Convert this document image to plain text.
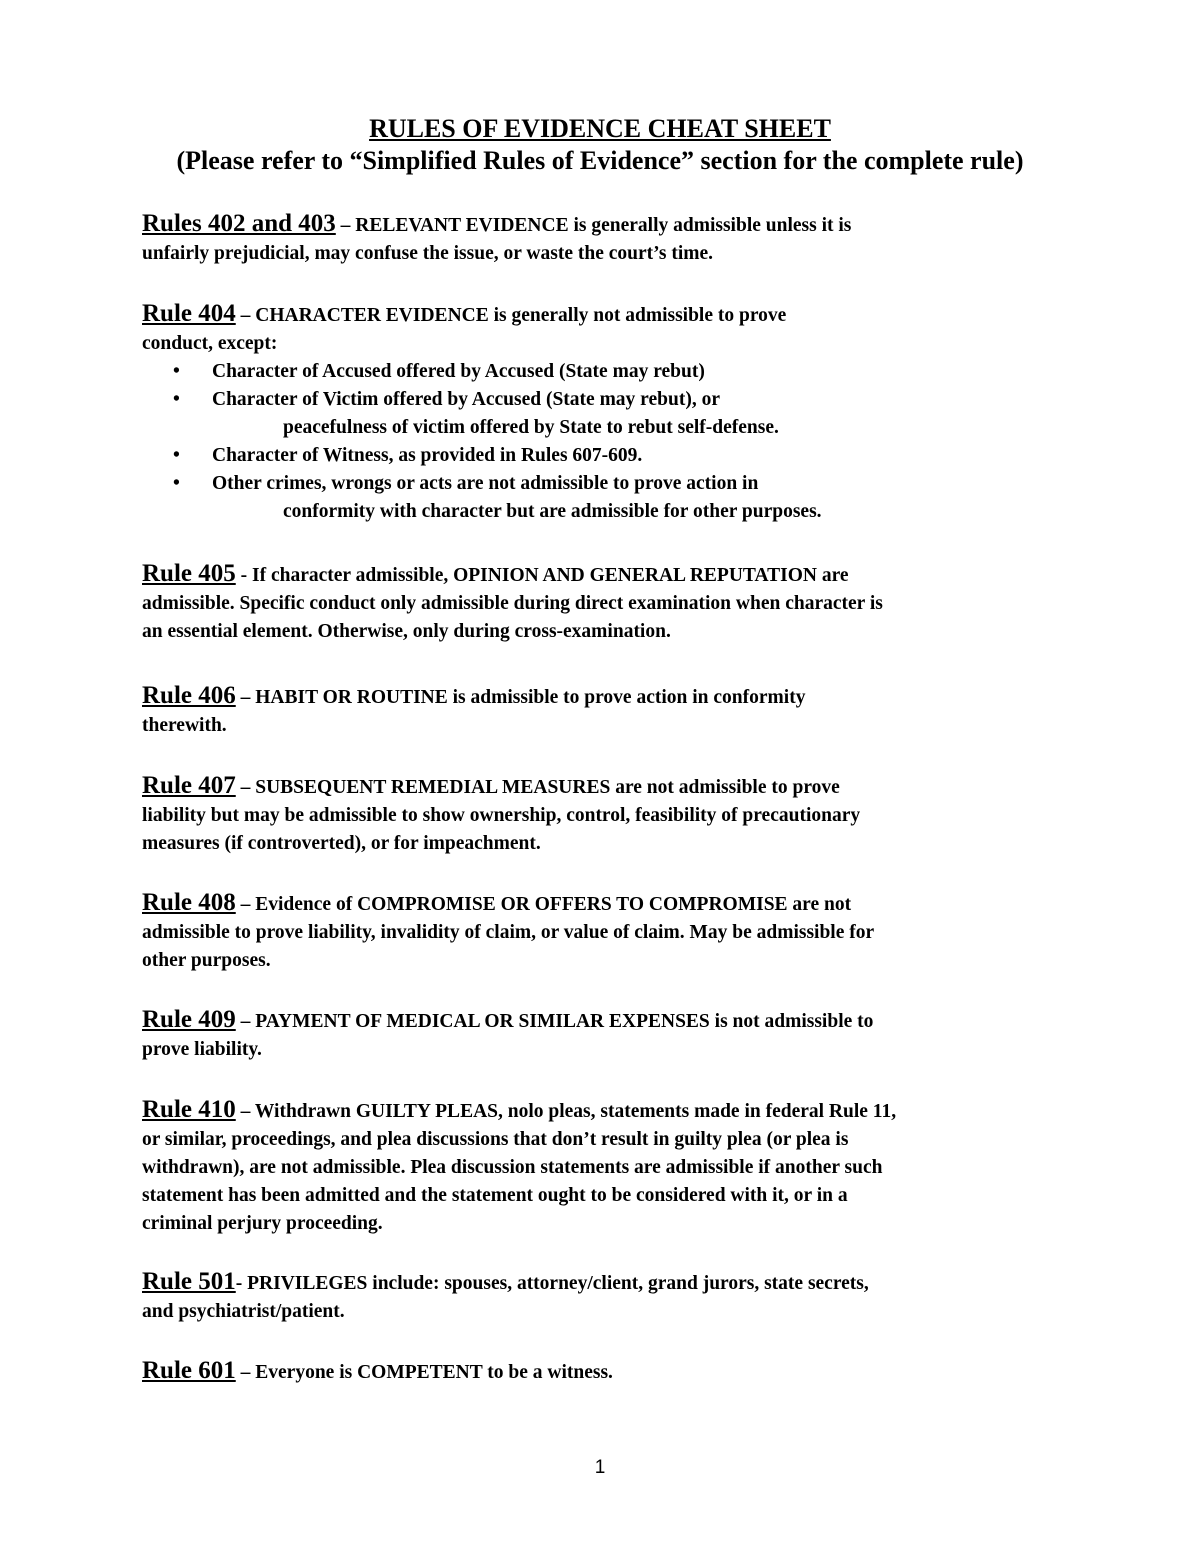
RULES OF EVIDENCE CHEAT SHEET
(Please refer to “Simplified Rules of Evidence” section for the complete rule)

Rules 402 and 403 – RELEVANT EVIDENCE is generally admissible unless it is

unfairly prejudicial, may confuse the issue, or waste the court’s time.

Rule 404 – CHARACTER EVIDENCE is generally not admissible to prove

conduct, except:

• Character of Accused offered by Accused (State may rebut)
• Character of Victim offered by Accused (State may rebut), or
peacefulness of victim offered by State to rebut self-defense.
• Character of Witness, as provided in Rules 607-609.
• Other crimes, wrongs or acts are not admissible to prove action in
conformity with character but are admissible for other purposes.

Rule 405 - If character admissible, OPINION AND GENERAL REPUTATION are

admissible. Specific conduct only admissible during direct examination when character is

an essential element. Otherwise, only during cross-examination.

Rule 406 – HABIT OR ROUTINE is admissible to prove action in conformity

therewith.

Rule 407 – SUBSEQUENT REMEDIAL MEASURES are not admissible to prove

liability but may be admissible to show ownership, control, feasibility of precautionary

measures (if controverted), or for impeachment.

Rule 408 – Evidence of COMPROMISE OR OFFERS TO COMPROMISE are not

admissible to prove liability, invalidity of claim, or value of claim. May be admissible for

other purposes.

Rule 409 – PAYMENT OF MEDICAL OR SIMILAR EXPENSES is not admissible to

prove liability.

Rule 410 – Withdrawn GUILTY PLEAS, nolo pleas, statements made in federal Rule 11,

or similar, proceedings, and plea discussions that don’t result in guilty plea (or plea is

withdrawn), are not admissible. Plea discussion statements are admissible if another such

statement has been admitted and the statement ought to be considered with it, or in a

criminal perjury proceeding.

Rule 501- PRIVILEGES include: spouses, attorney/client, grand jurors, state secrets,

and psychiatrist/patient.

Rule 601 – Everyone is COMPETENT to be a witness.

1
